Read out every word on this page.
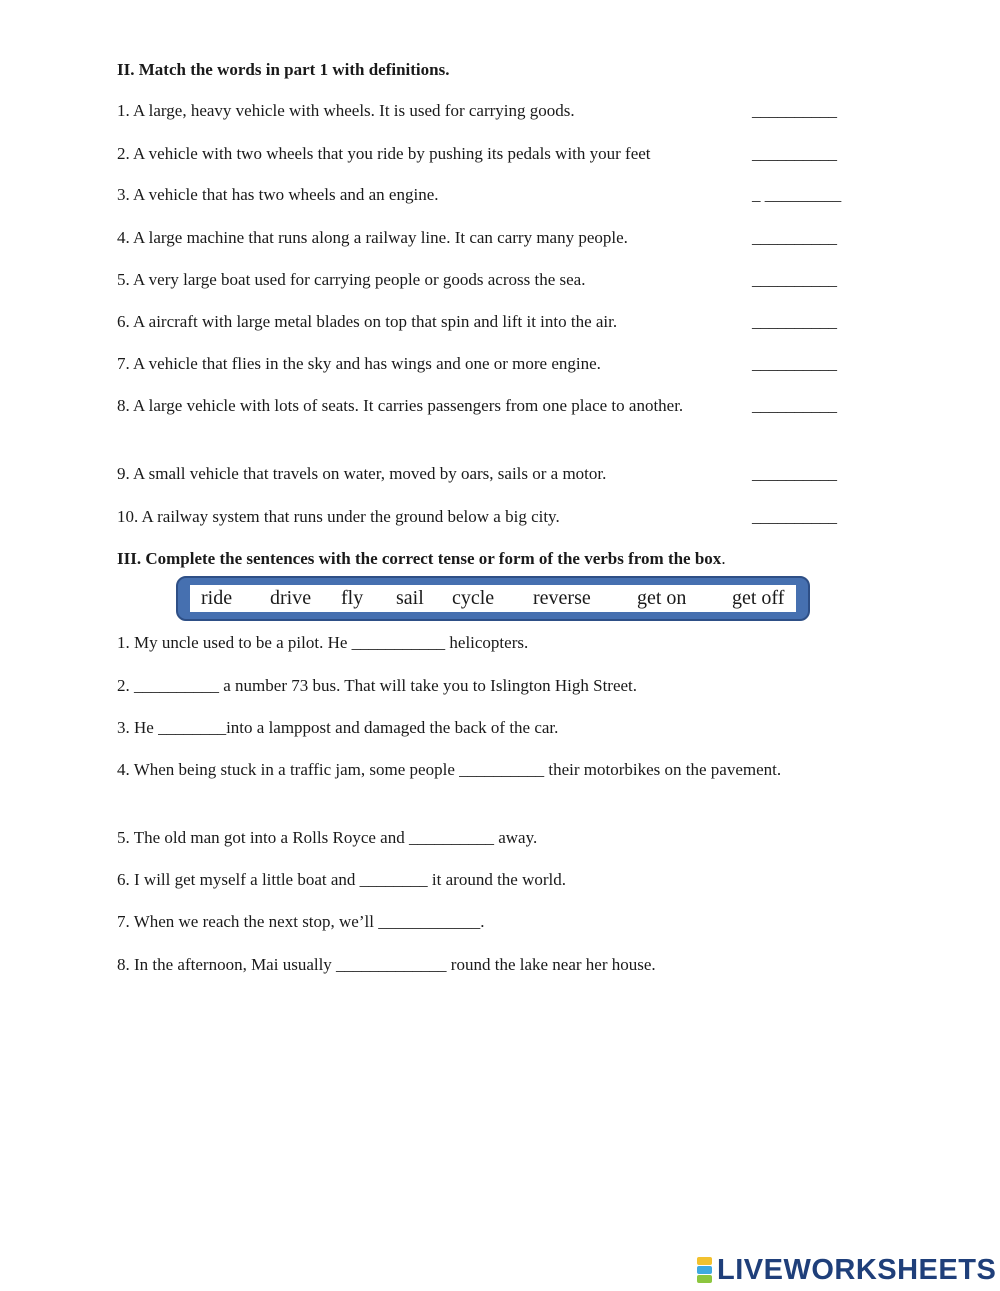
II. Match the words in part 1 with definitions.
1. A large, heavy vehicle with wheels. It is used for carrying goods.	__________
2. A vehicle with two wheels that you ride by pushing its pedals with your feet	__________
3. A vehicle that has two wheels and an engine.	_ _________
4. A large machine that runs along a railway line. It can carry many people.	__________
5. A very large boat used for carrying people or goods across the sea.	__________
6. A aircraft with large metal blades on top that spin and lift it into the air.	__________
7. A vehicle that flies in the sky and has wings and one or more engine.	__________
8. A large vehicle with lots of seats. It carries passengers from one place to another.	__________
9. A small vehicle that travels on water, moved by oars, sails or a motor.	__________
10. A railway system that runs under the ground below a big city.	__________
III. Complete the sentences with the correct tense or form of the verbs from the box.
ride drive fly sail cycle reverse get on get off
1. My uncle used to be a pilot. He ___________ helicopters.
2. __________ a number 73 bus. That will take you to Islington High Street.
3. He ________into a lamppost and damaged the back of the car.
4. When being stuck in a traffic jam, some people __________ their motorbikes on the pavement.
5. The old man got into a Rolls Royce and __________ away.
6. I will get myself a little boat and ________ it around the world.
7. When we reach the next stop, we’ll ____________.
8. In the afternoon, Mai usually _____________ round the lake near her house.
LIVEWORKSHEETS
